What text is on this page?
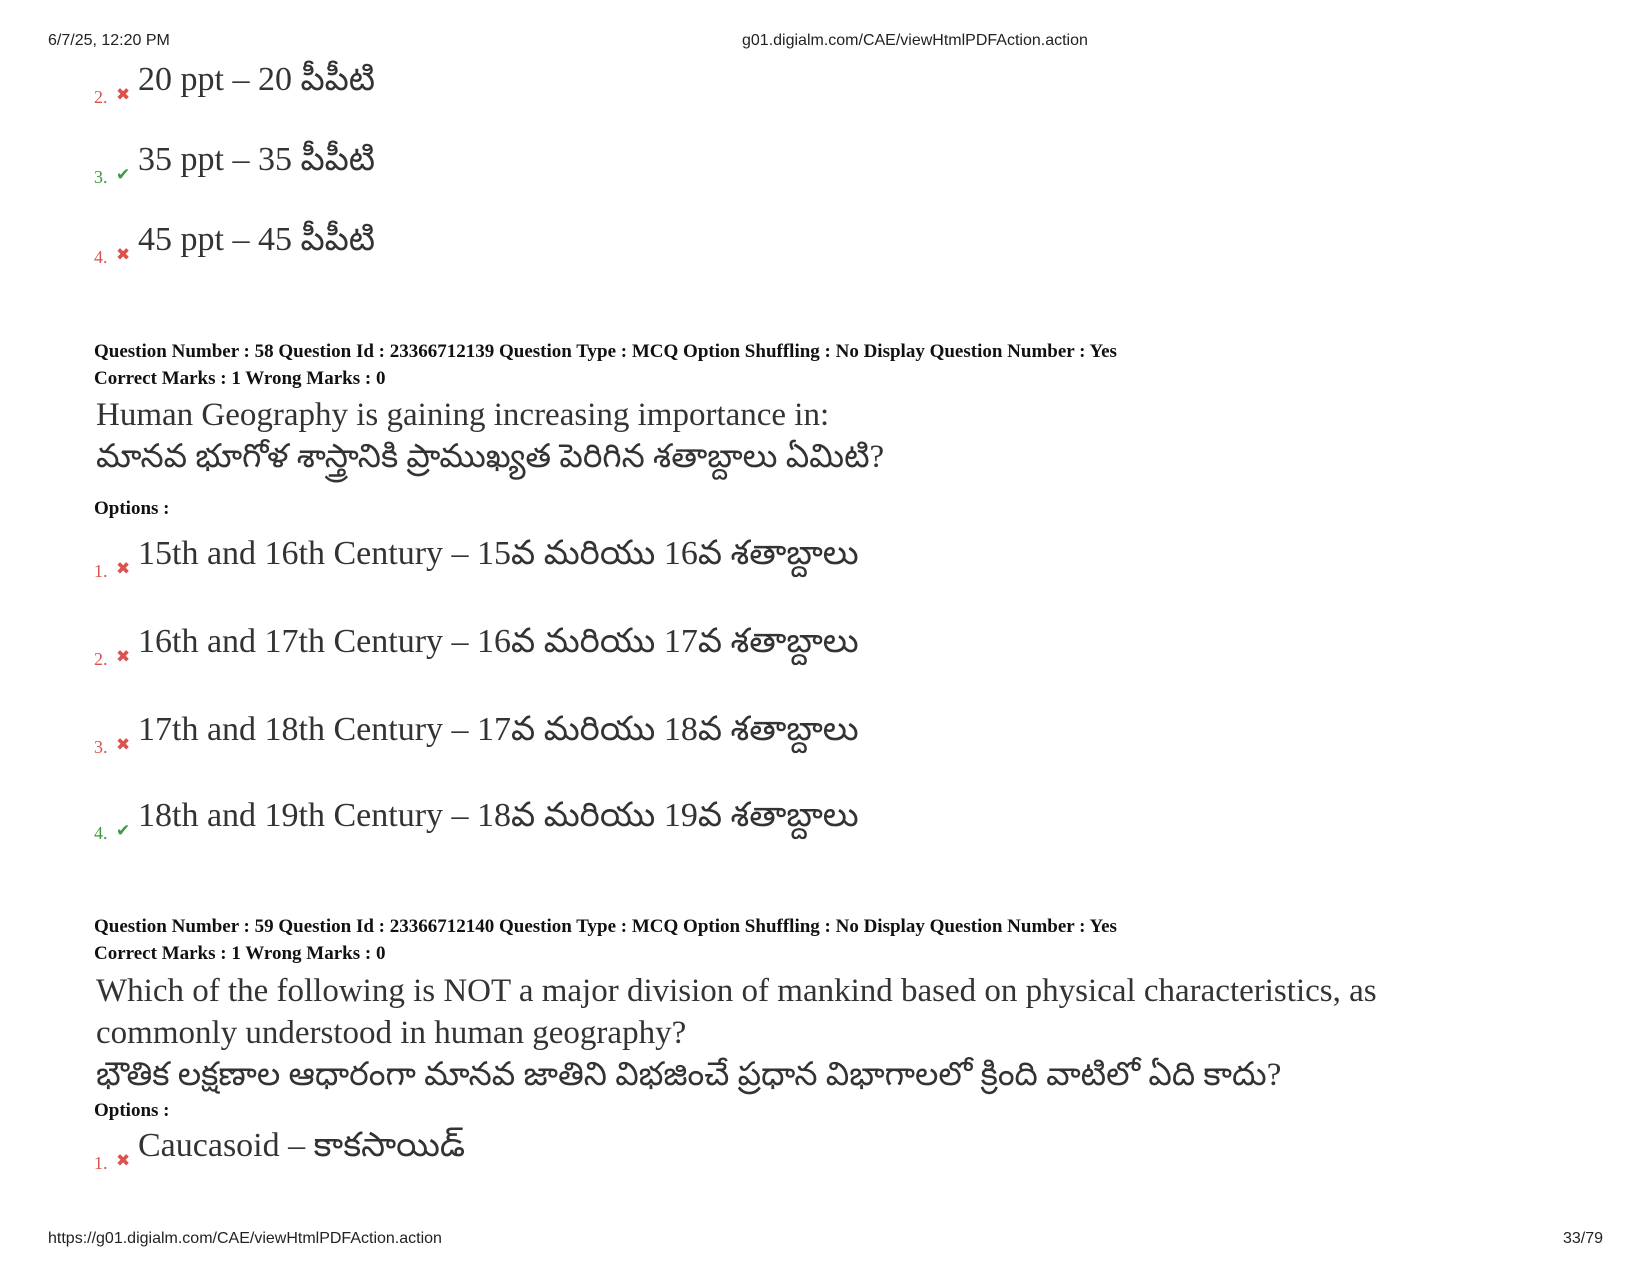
6/7/25, 12:20 PM	g01.digialm.com/CAE/viewHtmlPDFAction.action
2. ✖ 20 ppt – 20 పీపీటి
3. ✔ 35 ppt – 35 పీపీటి
4. ✖ 45 ppt – 45 పీపీటి
Question Number : 58 Question Id : 23366712139 Question Type : MCQ Option Shuffling : No Display Question Number : Yes
Correct Marks : 1 Wrong Marks : 0
Human Geography is gaining increasing importance in:
మానవ భూగోళ శాస్త్రానికి ప్రాముఖ్యత పెరిగిన శతాబ్దాలు ఏమిటి?
Options :
1. ✖ 15th and 16th Century – 15వ మరియు 16వ శతాబ్దాలు
2. ✖ 16th and 17th Century – 16వ మరియు 17వ శతాబ్దాలు
3. ✖ 17th and 18th Century – 17వ మరియు 18వ శతాబ్దాలు
4. ✔ 18th and 19th Century – 18వ మరియు 19వ శతాబ్దాలు
Question Number : 59 Question Id : 23366712140 Question Type : MCQ Option Shuffling : No Display Question Number : Yes
Correct Marks : 1 Wrong Marks : 0
Which of the following is NOT a major division of mankind based on physical characteristics, as
commonly understood in human geography?
భౌతిక లక్షణాల ఆధారంగా మానవ జాతిని విభజించే ప్రధాన విభాగాలలో క్రింది వాటిలో ఏది కాదు?
Options :
1. ✖ Caucasoid – కాకసాయిడ్
https://g01.digialm.com/CAE/viewHtmlPDFAction.action	33/79
